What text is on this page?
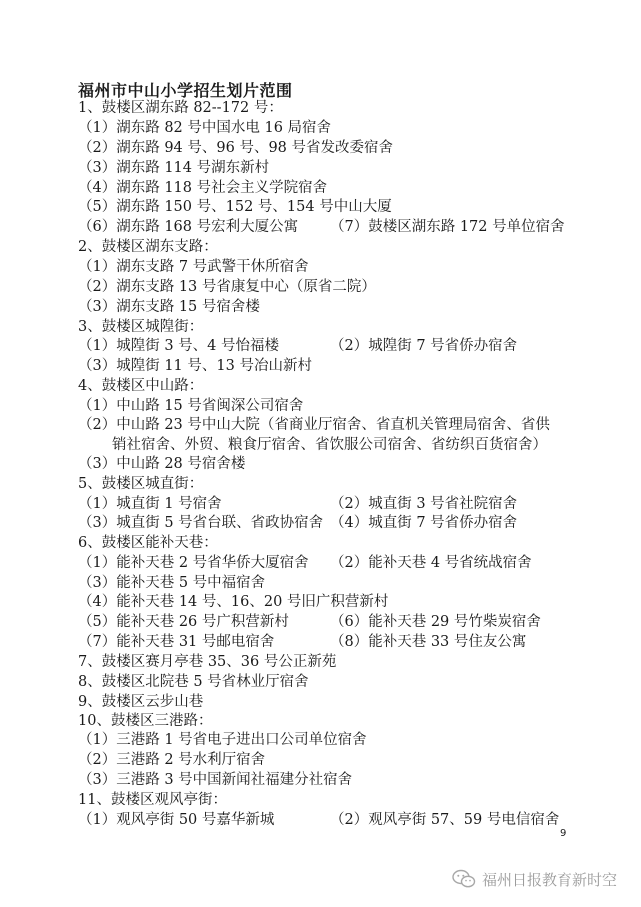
福州市中山小学招生划片范围
1、鼓楼区湖东路 82--172 号：
（1）湖东路 82 号中国水电 16 局宿舍
（2）湖东路 94 号、96 号、98 号省发改委宿舍
（3）湖东路 114 号湖东新村
（4）湖东路 118 号社会主义学院宿舍
（5）湖东路 150 号、152 号、154 号中山大厦
（6）湖东路 168 号宏利大厦公寓 （7）鼓楼区湖东路 172 号单位宿舍
2、鼓楼区湖东支路：
（1）湖东支路 7 号武警干休所宿舍
（2）湖东支路 13 号省康复中心（原省二院）
（3）湖东支路 15 号宿舍楼
3、鼓楼区城隍街：
（1）城隍街 3 号、4 号怡福楼	（2）城隍街 7 号省侨办宿舍
（3）城隍街 11 号、13 号冶山新村
4、鼓楼区中山路：
（1）中山路 15 号省闽深公司宿舍
（2）中山路 23 号中山大院（省商业厅宿舍、省直机关管理局宿舍、省供
销社宿舍、外贸、粮食厅宿舍、省饮服公司宿舍、省纺织百货宿舍）
（3）中山路 28 号宿舍楼
5、鼓楼区城直街：
（1）城直街 1 号宿舍	（2）城直街 3 号省社院宿舍
（3）城直街 5 号省台联、省政协宿舍 （4）城直街 7 号省侨办宿舍
6、鼓楼区能补天巷：
（1）能补天巷 2 号省华侨大厦宿舍 （2）能补天巷 4 号省统战宿舍
（3）能补天巷 5 号中福宿舍
（4）能补天巷 14 号、16、20 号旧广积营新村
（5）能补天巷 26 号广积营新村	（6）能补天巷 29 号竹柴炭宿舍
（7）能补天巷 31 号邮电宿舍	（8）能补天巷 33 号住友公寓
7、鼓楼区赛月亭巷 35、36 号公正新苑
8、鼓楼区北院巷 5 号省林业厅宿舍
9、鼓楼区云步山巷
10、鼓楼区三港路：
（1）三港路 1 号省电子进出口公司单位宿舍
（2）三港路 2 号水利厅宿舍
（3）三港路 3 号中国新闻社福建分社宿舍
11、鼓楼区观风亭街：
（1）观风亭街 50 号嘉华新城	（2）观风亭街 57、59 号电信宿舍
9
福州日报教育新时空
